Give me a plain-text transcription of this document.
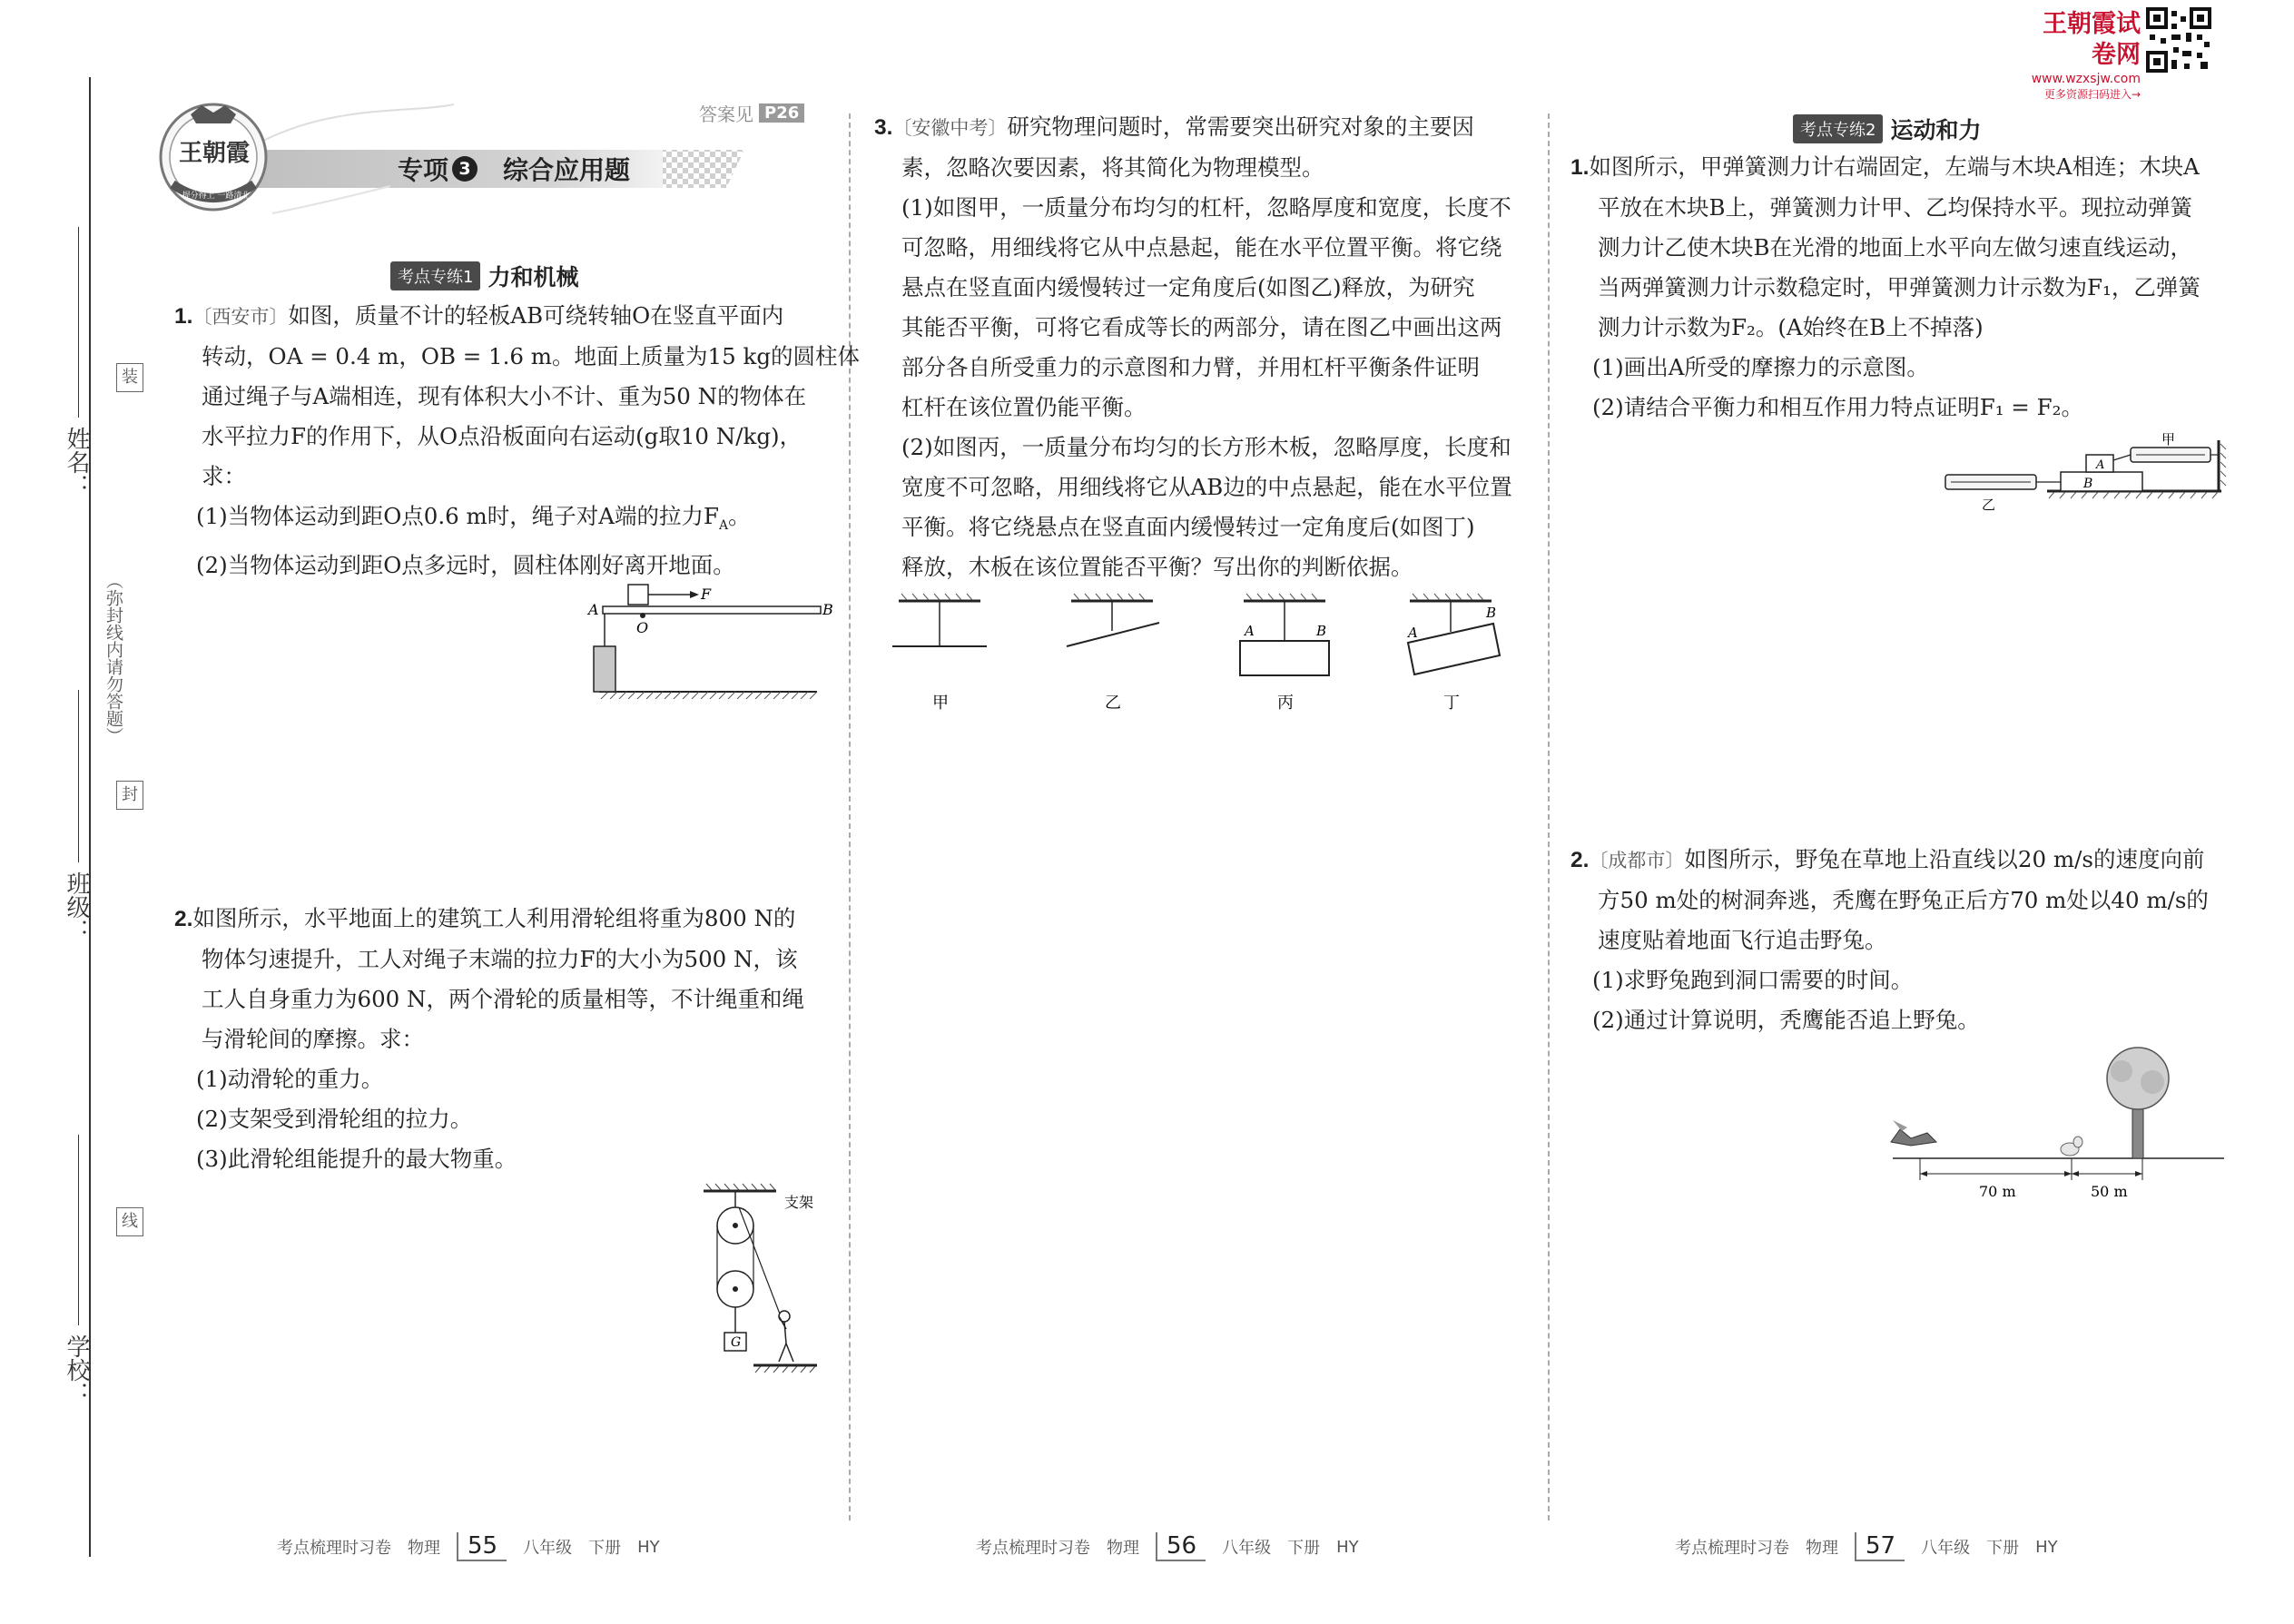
王朝霞试卷网
www.wzxsjw.com
更多资源扫码进入→
装
封
线
（弥封线内请勿答题）
姓名：
班级：
学校：
王朝霞
提分得上 一路清北
答案见 P26
专项 3 综合应用题
考点专练1 力和机械

1.〔西安市〕如图，质量不计的轻板AB可绕转轴O在竖直平面内

转动，OA = 0.4 m，OB = 1.6 m。地面上质量为15 kg的圆柱体

通过绳子与A端相连，现有体积大小不计、重为50 N的物体在

水平拉力F的作用下，从O点沿板面向右运动(g取10 N/kg)，

求：

(1)当物体运动到距O点0.6 m时，绳子对A端的拉力$F_A$。

(2)当物体运动到距O点多远时，圆柱体刚好离开地面。

A	B
O
F

2.如图所示，水平地面上的建筑工人利用滑轮组将重为800 N的

物体匀速提升，工人对绳子末端的拉力F的大小为500 N，该

工人自身重力为600 N，两个滑轮的质量相等，不计绳重和绳

与滑轮间的摩擦。求：

(1)动滑轮的重力。

(2)支架受到滑轮组的拉力。

(3)此滑轮组能提升的最大物重。

G
支架
考点梳理时习卷 物理	55	八年级 下册 HY

3.〔安徽中考〕研究物理问题时，常需要突出研究对象的主要因

素，忽略次要因素，将其简化为物理模型。

(1)如图甲，一质量分布均匀的杠杆，忽略厚度和宽度，长度不

可忽略，用细线将它从中点悬起，能在水平位置平衡。将它绕

悬点在竖直面内缓慢转过一定角度后(如图乙)释放，为研究

其能否平衡，可将它看成等长的两部分，请在图乙中画出这两

部分各自所受重力的示意图和力臂，并用杠杆平衡条件证明

杠杆在该位置仍能平衡。

(2)如图丙，一质量分布均匀的长方形木板，忽略厚度，长度和

宽度不可忽略，用细线将它从AB边的中点悬起，能在水平位置

平衡。将它绕悬点在竖直面内缓慢转过一定角度后(如图丁)

释放，木板在该位置能否平衡？写出你的判断依据。

A	B	A
B
甲	乙	丙	丁
考点梳理时习卷 物理	56	八年级 下册 HY
考点专练2 运动和力

1.如图所示，甲弹簧测力计右端固定，左端与木块A相连；木块A

平放在木块B上，弹簧测力计甲、乙均保持水平。现拉动弹簧

测力计乙使木块B在光滑的地面上水平向左做匀速直线运动，

当两弹簧测力计示数稳定时，甲弹簧测力计示数为F₁，乙弹簧

测力计示数为F₂。(A始终在B上不掉落)

(1)画出A所受的摩擦力的示意图。

(2)请结合平衡力和相互作用力特点证明F₁ = F₂。

A
B
甲
乙

2.〔成都市〕如图所示，野兔在草地上沿直线以20 m/s的速度向前

方50 m处的树洞奔逃，秃鹰在野兔正后方70 m处以40 m/s的

速度贴着地面飞行追击野兔。

(1)求野兔跑到洞口需要的时间。

(2)通过计算说明，秃鹰能否追上野兔。

70 m	50 m
考点梳理时习卷 物理	57	八年级 下册 HY
